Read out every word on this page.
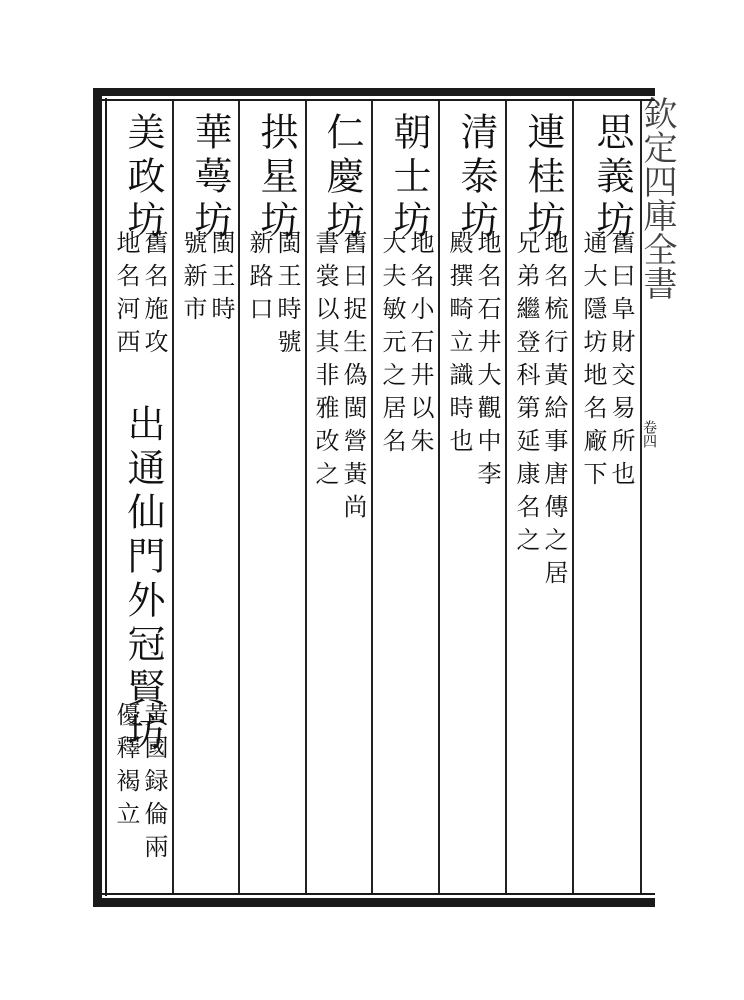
欽定四庫全書
卷四
思義坊
舊曰阜財交易所也
通大隱坊地名廠下
連桂坊
地名梳行黃給事唐傳之居
兄弟繼登科第延康名之
清泰坊
地名石井大觀中李
殿撰畸立識時也
朝士坊
地名小石井以朱
大夫敏元之居名
仁慶坊
舊曰捉生偽閩營黃尚
書裳以其非雅改之
拱星坊
閩王時號
新路口
華蕚坊
閩王時
號新市
美政坊
舊名施攻
地名河西
出通仙門外冠賢坊
黃國録倫兩
優釋褐立
